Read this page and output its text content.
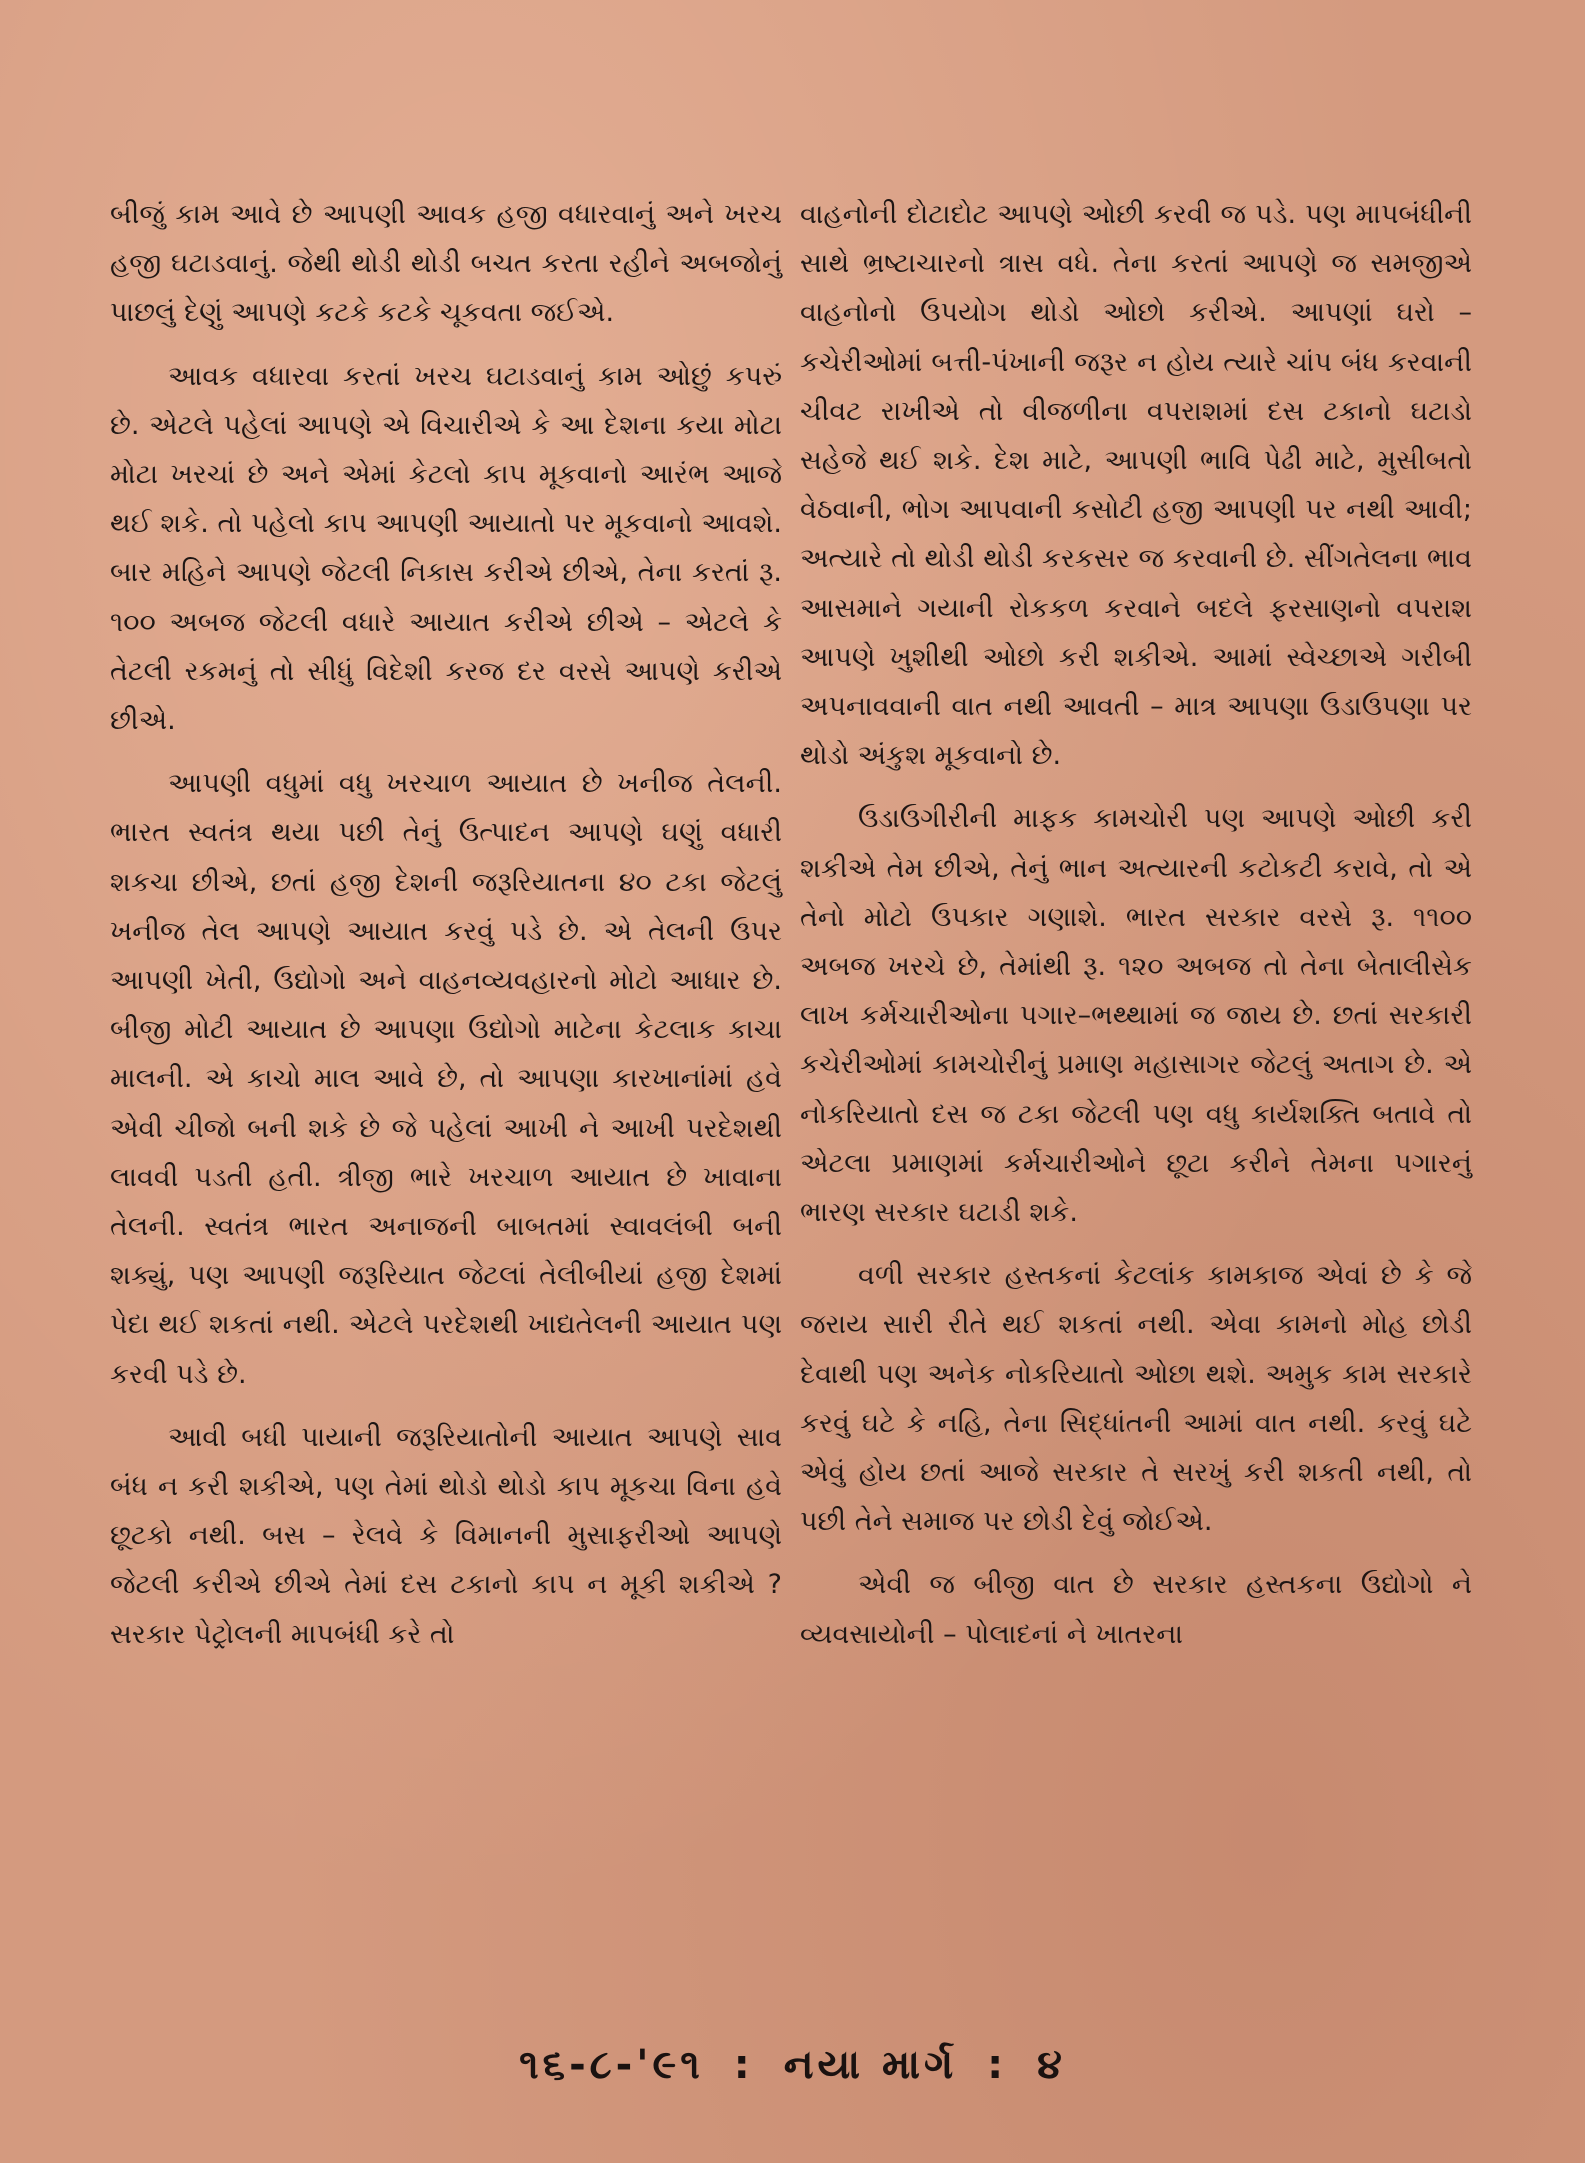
બીજું કામ આવે છે આપણી આવક હજી વધારવાનું અને ખરચ હજી ઘટાડવાનું. જેથી થોડી થોડી બચત કરતા રહીને અબજોનું પાછલું દેણું આપણે કટકે કટકે ચૂકવતા જઈએ.

આવક વધારવા કરતાં ખરચ ઘટાડવાનું કામ ઓછું કપરું છે. એટલે પહેલાં આપણે એ વિચારીએ કે આ દેશના કયા મોટા મોટા ખરચાં છે અને એમાં કેટલો કાપ મૂકવાનો આરંભ આજે થઈ શકે. તો પહેલો કાપ આપણી આયાતો પર મૂકવાનો આવશે. બાર મહિને આપણે જેટલી નિકાસ કરીએ છીએ, તેના કરતાં રૂ. ૧૦૦ અબજ જેટલી વધારે આયાત કરીએ છીએ – એટલે કે તેટલી રકમનું તો સીધું વિદેશી કરજ દર વરસે આપણે કરીએ છીએ.

આપણી વધુમાં વધુ ખરચાળ આયાત છે ખનીજ તેલની. ભારત સ્વતંત્ર થયા પછી તેનું ઉત્પાદન આપણે ઘણું વધારી શકચા છીએ, છતાં હજી દેશની જરૂરિયાતના ૪૦ ટકા જેટલું ખનીજ તેલ આપણે આયાત કરવું પડે છે. એ તેલની ઉપર આપણી ખેતી, ઉદ્યોગો અને વાહનવ્યવહારનો મોટો આધાર છે. બીજી મોટી આયાત છે આપણા ઉદ્યોગો માટેના કેટલાક કાચા માલની. એ કાચો માલ આવે છે, તો આપણા કારખાનાંમાં હવે એવી ચીજો બની શકે છે જે પહેલાં આખી ને આખી પરદેશથી લાવવી પડતી હતી. ત્રીજી ભારે ખરચાળ આયાત છે ખાવાના તેલની. સ્વતંત્ર ભારત અનાજની બાબતમાં સ્વાવલંબી બની શક્યું, પણ આપણી જરૂરિયાત જેટલાં તેલીબીયાં હજી દેશમાં પેદા થઈ શકતાં નથી. એટલે પરદેશથી ખાદ્યતેલની આયાત પણ કરવી પડે છે.

આવી બધી પાયાની જરૂરિયાતોની આયાત આપણે સાવ બંધ ન કરી શકીએ, પણ તેમાં થોડો થોડો કાપ મૂકચા વિના હવે છૂટકો નથી. બસ – રેલવે કે વિમાનની મુસાફરીઓ આપણે જેટલી કરીએ છીએ તેમાં દસ ટકાનો કાપ ન મૂકી શકીએ ? સરકાર પેટ્રોલની માપબંધી કરે તો

વાહનોની દોટાદોટ આપણે ઓછી કરવી જ પડે. પણ માપબંધીની સાથે ભ્રષ્ટાચારનો ત્રાસ વધે. તેના કરતાં આપણે જ સમજીએ વાહનોનો ઉપયોગ થોડો ઓછો કરીએ. આપણાં ઘરો – કચેરીઓમાં બત્તી-પંખાની જરૂર ન હોય ત્યારે ચાંપ બંધ કરવાની ચીવટ રાખીએ તો વીજળીના વપરાશમાં દસ ટકાનો ઘટાડો સહેજે થઈ શકે. દેશ માટે, આપણી ભાવિ પેઢી માટે, મુસીબતો વેઠવાની, ભોગ આપવાની કસોટી હજી આપણી પર નથી આવી; અત્યારે તો થોડી થોડી કરકસર જ કરવાની છે. સીંગતેલના ભાવ આસમાને ગયાની રોકકળ કરવાને બદલે ફરસાણનો વપરાશ આપણે ખુશીથી ઓછો કરી શકીએ. આમાં સ્વેચ્છાએ ગરીબી અપનાવવાની વાત નથી આવતી – માત્ર આપણા ઉડાઉપણા પર થોડો અંકુશ મૂકવાનો છે.

ઉડાઉગીરીની માફક કામચોરી પણ આપણે ઓછી કરી શકીએ તેમ છીએ, તેનું ભાન અત્યારની કટોકટી કરાવે, તો એ તેનો મોટો ઉપકાર ગણાશે. ભારત સરકાર વરસે રૂ. ૧૧૦૦ અબજ ખરચે છે, તેમાંથી રૂ. ૧૨૦ અબજ તો તેના બેતાલીસેક લાખ કર્મચારીઓના પગાર–ભથ્થામાં જ જાય છે. છતાં સરકારી કચેરીઓમાં કામચોરીનું પ્રમાણ મહાસાગર જેટલું અતાગ છે. એ નોકરિયાતો દસ જ ટકા જેટલી પણ વધુ કાર્યશક્તિ બતાવે તો એટલા પ્રમાણમાં કર્મચારીઓને છૂટા કરીને તેમના પગારનું ભારણ સરકાર ઘટાડી શકે.

વળી સરકાર હસ્તકનાં કેટલાંક કામકાજ એવાં છે કે જે જરાય સારી રીતે થઈ શકતાં નથી. એવા કામનો મોહ છોડી દેવાથી પણ અનેક નોકરિયાતો ઓછા થશે. અમુક કામ સરકારે કરવું ઘટે કે નહિ, તેના સિદ્ધાંતની આમાં વાત નથી. કરવું ઘટે એવું હોય છતાં આજે સરકાર તે સરખું કરી શકતી નથી, તો પછી તેને સમાજ પર છોડી દેવું જોઈએ.

એવી જ બીજી વાત છે સરકાર હસ્તકના ઉદ્યોગો ને વ્યવસાયોની – પોલાદનાં ને ખાતરના

૧૬-૮-'૯૧ : નયા માર્ગ : ૪
